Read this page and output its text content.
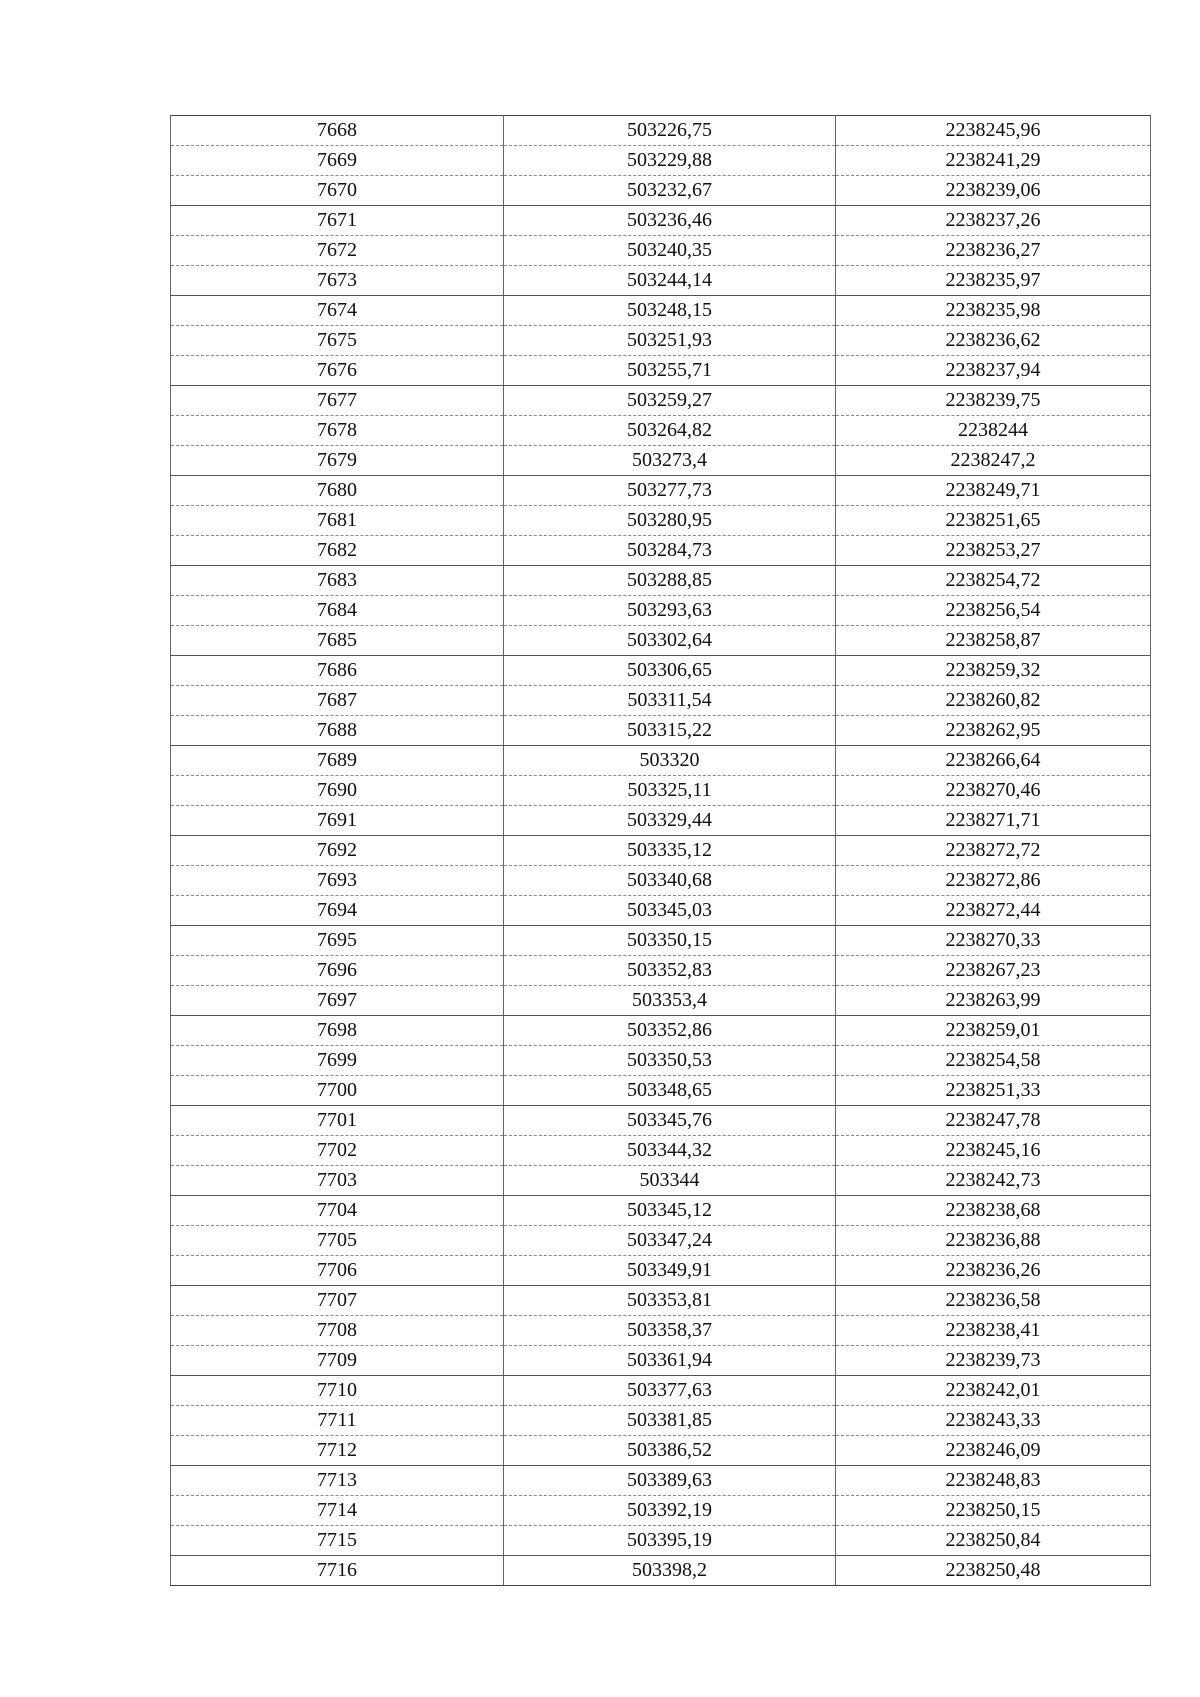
7668	503226,75	2238245,96
7669	503229,88	2238241,29
7670	503232,67	2238239,06
7671	503236,46	2238237,26
7672	503240,35	2238236,27
7673	503244,14	2238235,97
7674	503248,15	2238235,98
7675	503251,93	2238236,62
7676	503255,71	2238237,94
7677	503259,27	2238239,75
7678	503264,82	2238244
7679	503273,4	2238247,2
7680	503277,73	2238249,71
7681	503280,95	2238251,65
7682	503284,73	2238253,27
7683	503288,85	2238254,72
7684	503293,63	2238256,54
7685	503302,64	2238258,87
7686	503306,65	2238259,32
7687	503311,54	2238260,82
7688	503315,22	2238262,95
7689	503320	2238266,64
7690	503325,11	2238270,46
7691	503329,44	2238271,71
7692	503335,12	2238272,72
7693	503340,68	2238272,86
7694	503345,03	2238272,44
7695	503350,15	2238270,33
7696	503352,83	2238267,23
7697	503353,4	2238263,99
7698	503352,86	2238259,01
7699	503350,53	2238254,58
7700	503348,65	2238251,33
7701	503345,76	2238247,78
7702	503344,32	2238245,16
7703	503344	2238242,73
7704	503345,12	2238238,68
7705	503347,24	2238236,88
7706	503349,91	2238236,26
7707	503353,81	2238236,58
7708	503358,37	2238238,41
7709	503361,94	2238239,73
7710	503377,63	2238242,01
7711	503381,85	2238243,33
7712	503386,52	2238246,09
7713	503389,63	2238248,83
7714	503392,19	2238250,15
7715	503395,19	2238250,84
7716	503398,2	2238250,48
